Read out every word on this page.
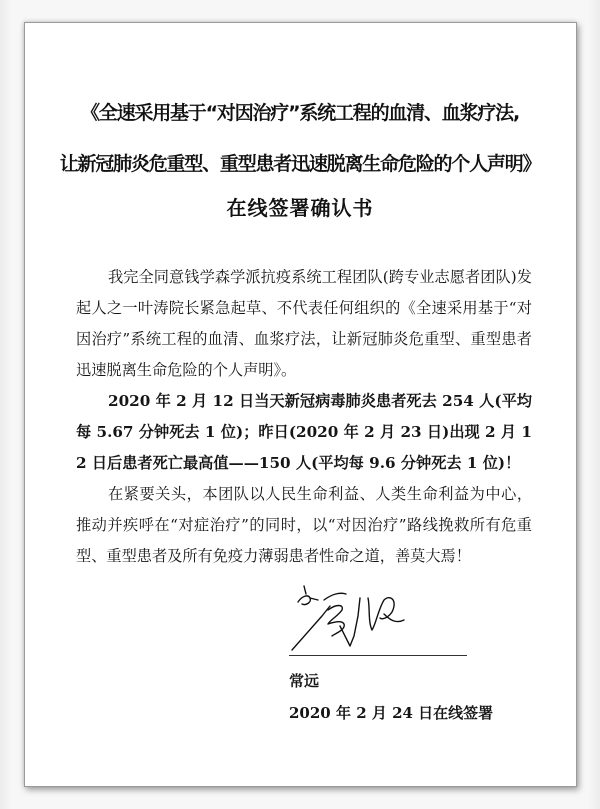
《全速采用基于“对因治疗”系统工程的血清、血浆疗法,
让新冠肺炎危重型、重型患者迅速脱离生命危险的个人声明》
在线签署确认书

我完全同意钱学森学派抗疫系统工程团队(跨专业志愿者团队)发起人之一叶涛院长紧急起草、不代表任何组织的《全速采用基于“对因治疗”系统工程的血清、血浆疗法，让新冠肺炎危重型、重型患者迅速脱离生命危险的个人声明》。

2020 年 2 月 12 日当天新冠病毒肺炎患者死去 254 人(平均每 5.67 分钟死去 1 位)；昨日(2020 年 2 月 23 日)出现 2 月 12 日后患者死亡最高值——150 人(平均每 9.6 分钟死去 1 位)！

在紧要关头，本团队以人民生命利益、人类生命利益为中心，推动并疾呼在“对症治疗”的同时，以“对因治疗”路线挽救所有危重型、重型患者及所有免疫力薄弱患者性命之道，善莫大焉！

常远
2020 年 2 月 24 日在线签署
